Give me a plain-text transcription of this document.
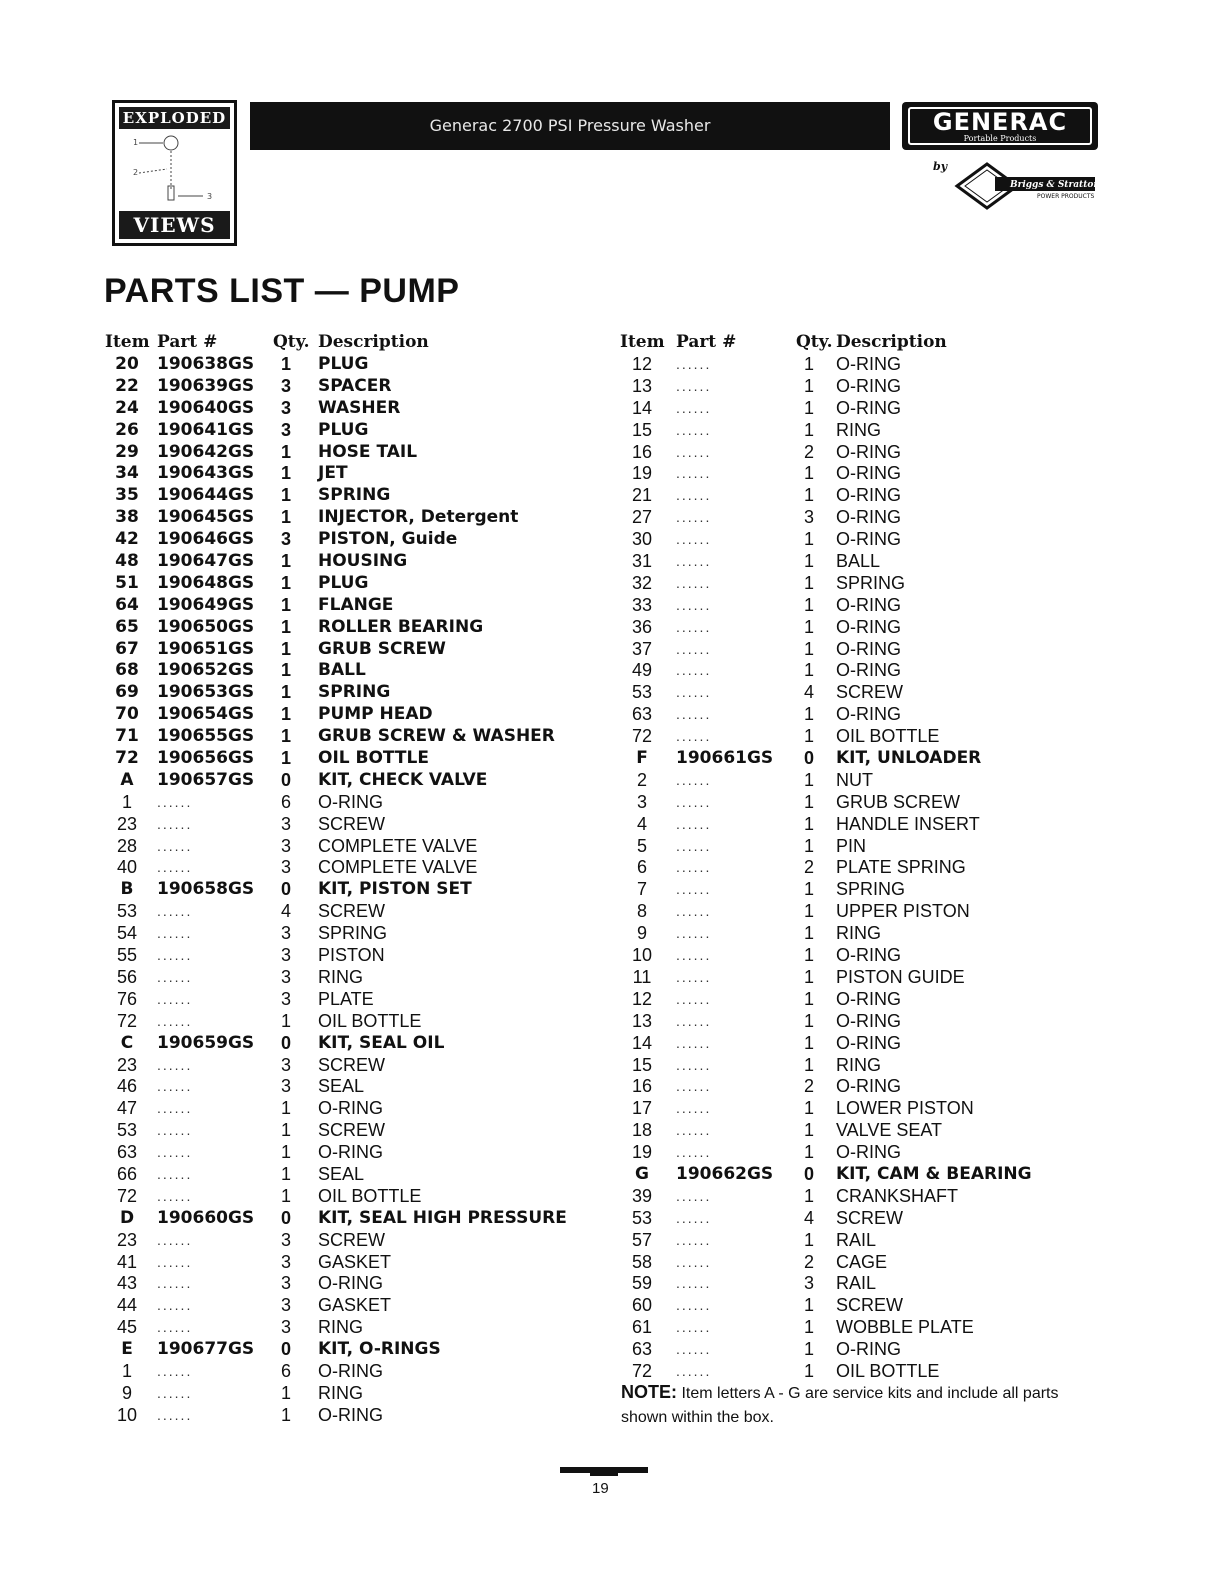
EXPLODED
1
2
3
VIEWS
Generac 2700 PSI Pressure Washer	GENERAC
Portable Products
by
Briggs & Stratton
POWER PRODUCTS
PARTS LIST — PUMP
Item Part #	Qty. Description
20	190638GS	1	PLUG
22	190639GS	3	SPACER
24	190640GS	3	WASHER
26	190641GS	3	PLUG
29	190642GS	1	HOSE TAIL
34	190643GS	1	JET
35	190644GS	1	SPRING
38	190645GS	1	INJECTOR, Detergent
42	190646GS	3	PISTON, Guide
48	190647GS	1	HOUSING
51	190648GS	1	PLUG
64	190649GS	1	FLANGE
65	190650GS	1	ROLLER BEARING
67	190651GS	1	GRUB SCREW
68	190652GS	1	BALL
69	190653GS	1	SPRING
70	190654GS	1	PUMP HEAD
71	190655GS	1	GRUB SCREW & WASHER
72	190656GS	1	OIL BOTTLE
A	190657GS	0	KIT, CHECK VALVE
1	......	6	O-RING
23	......	3	SCREW
28	......	3	COMPLETE VALVE
40	......	3	COMPLETE VALVE
B	190658GS	0	KIT, PISTON SET
53	......	4	SCREW
54	......	3	SPRING
55	......	3	PISTON
56	......	3	RING
76	......	3	PLATE
72	......	1	OIL BOTTLE
C	190659GS	0	KIT, SEAL OIL
23	......	3	SCREW
46	......	3	SEAL
47	......	1	O-RING
53	......	1	SCREW
63	......	1	O-RING
66	......	1	SEAL
72	......	1	OIL BOTTLE
D	190660GS	0	KIT, SEAL HIGH PRESSURE
23	......	3	SCREW
41	......	3	GASKET
43	......	3	O-RING
44	......	3	GASKET
45	......	3	RING
E	190677GS	0	KIT, O-RINGS
1	......	6	O-RING
9	......	1	RING
10	......	1	O-RING
Item Part #	Qty. Description
12	......	1	O-RING
13	......	1	O-RING
14	......	1	O-RING
15	......	1	RING
16	......	2	O-RING
19	......	1	O-RING
21	......	1	O-RING
27	......	3	O-RING
30	......	1	O-RING
31	......	1	BALL
32	......	1	SPRING
33	......	1	O-RING
36	......	1	O-RING
37	......	1	O-RING
49	......	1	O-RING
53	......	4	SCREW
63	......	1	O-RING
72	......	1	OIL BOTTLE
F	190661GS	0	KIT, UNLOADER
2	......	1	NUT
3	......	1	GRUB SCREW
4	......	1	HANDLE INSERT
5	......	1	PIN
6	......	2	PLATE SPRING
7	......	1	SPRING
8	......	1	UPPER PISTON
9	......	1	RING
10	......	1	O-RING
11	......	1	PISTON GUIDE
12	......	1	O-RING
13	......	1	O-RING
14	......	1	O-RING
15	......	1	RING
16	......	2	O-RING
17	......	1	LOWER PISTON
18	......	1	VALVE SEAT
19	......	1	O-RING
G	190662GS	0	KIT, CAM & BEARING
39	......	1	CRANKSHAFT
53	......	4	SCREW
57	......	1	RAIL
58	......	2	CAGE
59	......	3	RAIL
60	......	1	SCREW
61	......	1	WOBBLE PLATE
63	......	1	O-RING
72	......	1	OIL BOTTLE
NOTE: Item letters A - G are service kits and include all parts shown within the box.
19
